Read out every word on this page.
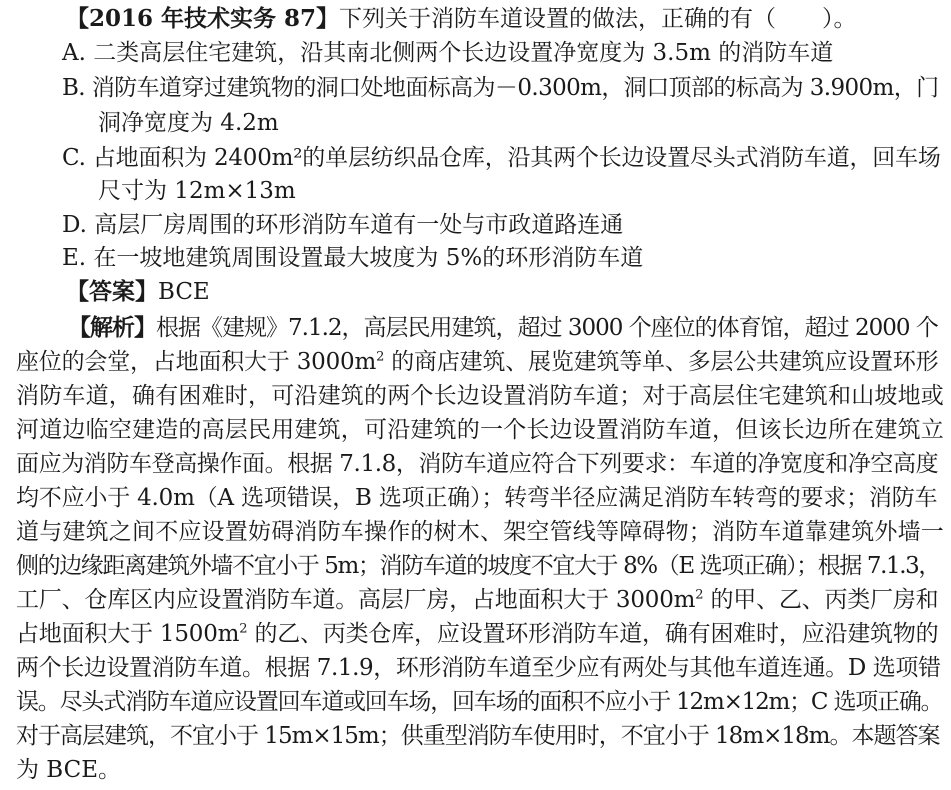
【2016 年技术实务 87】下列关于消防车道设置的做法，正确的有（　　）。
A. 二类高层住宅建筑，沿其南北侧两个长边设置净宽度为 3.5m 的消防车道
B. 消防车道穿过建筑物的洞口处地面标高为－0.300m，洞口顶部的标高为 3.900m，门
洞净宽度为 4.2m
C. 占地面积为 2400m²的单层纺织品仓库，沿其两个长边设置尽头式消防车道，回车场
尺寸为 12m×13m
D. 高层厂房周围的环形消防车道有一处与市政道路连通
E. 在一坡地建筑周围设置最大坡度为 5%的环形消防车道
【答案】BCE
【解析】根据《建规》7.1.2，高层民用建筑，超过 3000 个座位的体育馆，超过 2000 个
座位的会堂，占地面积大于 $3000m^2$ 的商店建筑、展览建筑等单、多层公共建筑应设置环形
消防车道，确有困难时，可沿建筑的两个长边设置消防车道；对于高层住宅建筑和山坡地或
河道边临空建造的高层民用建筑，可沿建筑的一个长边设置消防车道，但该长边所在建筑立
面应为消防车登高操作面。根据 7.1.8，消防车道应符合下列要求：车道的净宽度和净空高度
均不应小于 4.0m（A 选项错误，B 选项正确）；转弯半径应满足消防车转弯的要求；消防车
道与建筑之间不应设置妨碍消防车操作的树木、架空管线等障碍物；消防车道靠建筑外墙一
侧的边缘距离建筑外墙不宜小于 5m；消防车道的坡度不宜大于 8%（E 选项正确）；根据 7.1.3，
工厂、仓库区内应设置消防车道。高层厂房，占地面积大于 $3000m^2$ 的甲、乙、丙类厂房和
占地面积大于 $1500m^2$ 的乙、丙类仓库，应设置环形消防车道，确有困难时，应沿建筑物的
两个长边设置消防车道。根据 7.1.9，环形消防车道至少应有两处与其他车道连通。D 选项错
误。尽头式消防车道应设置回车道或回车场，回车场的面积不应小于 12m×12m；C 选项正确。
对于高层建筑，不宜小于 15m×15m；供重型消防车使用时，不宜小于 18m×18m。本题答案
为 BCE。
